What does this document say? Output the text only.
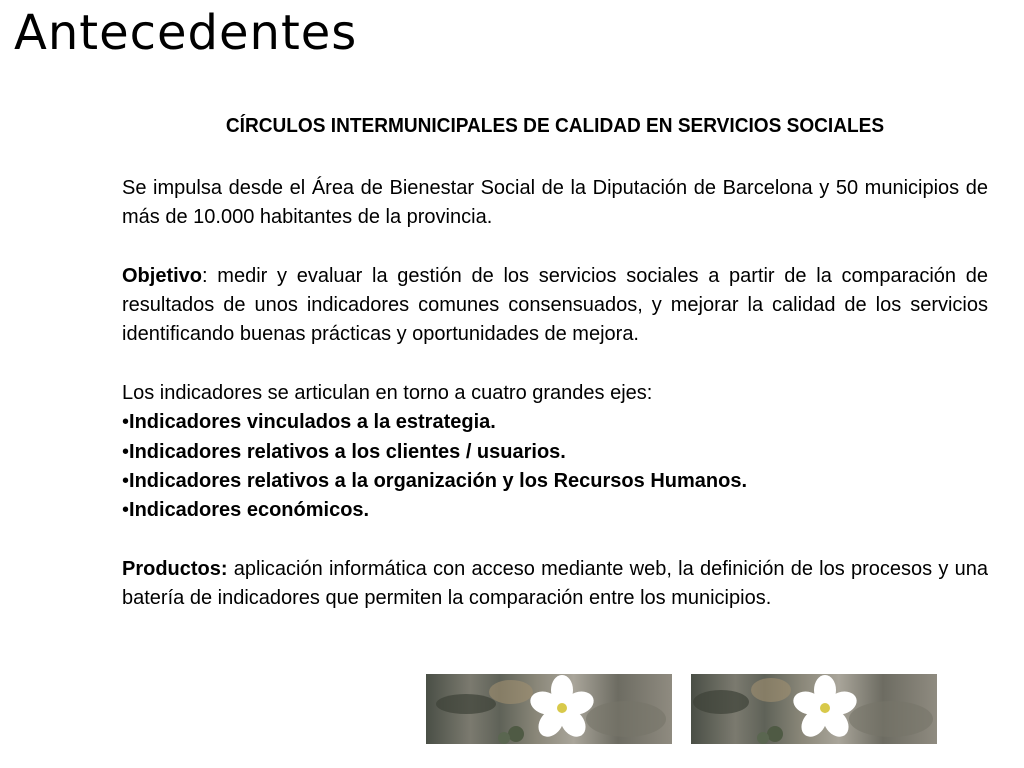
Antecedentes
CÍRCULOS INTERMUNICIPALES DE CALIDAD EN SERVICIOS SOCIALES

Se impulsa desde el Área de Bienestar Social de la Diputación de Barcelona y 50 municipios de más de 10.000 habitantes de la provincia.

Objetivo: medir y evaluar la gestión de los servicios sociales a partir de la comparación de resultados de unos indicadores comunes consensuados, y mejorar la calidad de los servicios identificando buenas prácticas y oportunidades de mejora.

Los indicadores se articulan en torno a cuatro grandes ejes:

•Indicadores vinculados a la estrategia.

•Indicadores relativos a los clientes / usuarios.

•Indicadores relativos a la organización y los Recursos Humanos.

•Indicadores económicos.

Productos: aplicación informática con acceso mediante web, la definición de los procesos y una batería de indicadores que permiten la comparación entre los municipios.
